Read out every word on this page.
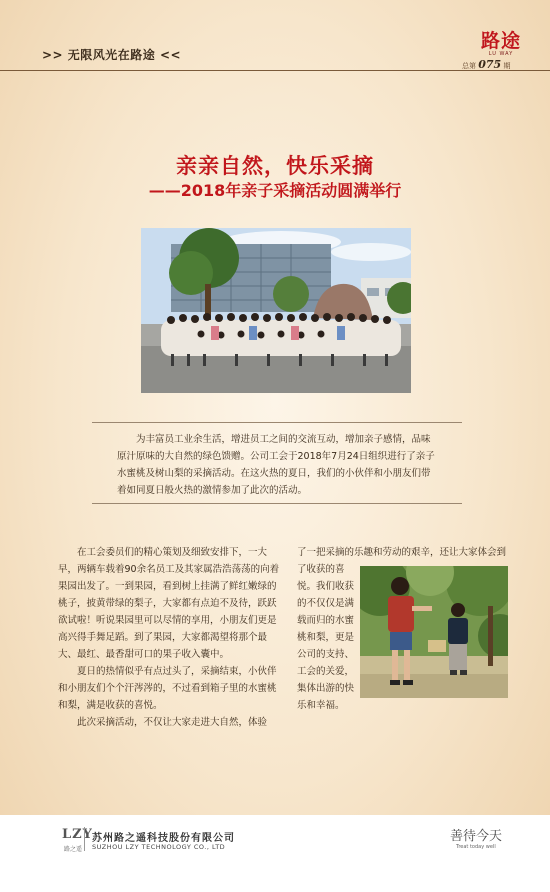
>> 无限风光在路途 <<
路途
LU WAY
总第 075 期
亲亲自然，快乐采摘
——2018年亲子采摘活动圆满举行
为丰富员工业余生活，增进员工之间的交流互动，增加亲子感情，品味原汁原味的大自然的绿色馈赠。公司工会于2018年7月24日组织进行了亲子水蜜桃及树山梨的采摘活动。在这火热的夏日，我们的小伙伴和小朋友们带着如同夏日般火热的激情参加了此次的活动。

在工会委员们的精心策划及细致安排下，一大早，两辆车载着90余名员工及其家属浩浩荡荡的向着果园出发了。一到果园，看到树上挂满了鲜红嫩绿的桃子，披黄带绿的梨子，大家都有点迫不及待，跃跃欲试啦！听说果园里可以尽情的享用，小朋友们更是高兴得手舞足蹈。到了果园，大家都渴望将那个最大、最红、最香甜可口的果子收入囊中。

夏日的热情似乎有点过头了，采摘结束，小伙伴和小朋友们个个汗涔涔的，不过看到箱子里的水蜜桃和梨，满是收获的喜悦。

此次采摘活动，不仅让大家走进大自然，体验

了一把采摘的乐趣和劳动的艰辛，还让大家体会到了收获的喜
悦。我们收获的不仅仅是满载而归的水蜜桃和梨，更是公司的支持、工会的关爱，集体出游的快乐和幸福。
LZY
路之遥
苏州路之遥科技股份有限公司
SUZHOU LZY TECHNOLOGY CO., LTD
善待今天
Treat today well
